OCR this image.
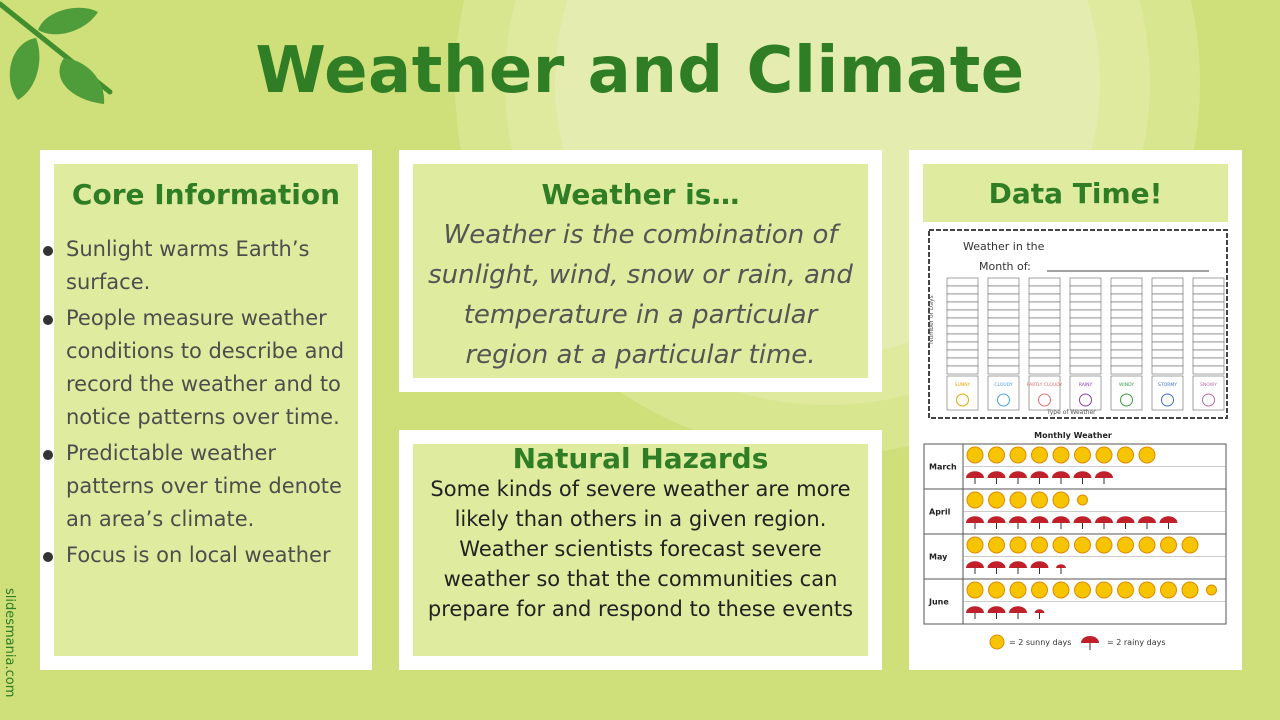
Weather and Climate
Core Information
Sunlight warms Earth’s surface.
People measure weather conditions to describe and record the weather and to notice patterns over time.
Predictable weather patterns over time denote an area’s climate.
Focus is on local weather
Weather is…
Weather is the combination of sunlight, wind, snow or rain, and temperature in a particular region at a particular time.
Natural Hazards
Some kinds of severe weather are more likely than others in a given region. Weather scientists forecast severe weather so that the communities can prepare for and respond to these events
Data Time!
Weather in the
Month of:
Number of Days
SUNNY	CLOUDY	PARTLY CLOUDY	RAINY	WINDY	STORMY	SNOWY
Type of Weather
Monthly Weather
March
April
May
June
= 2 sunny days	= 2 rainy days
slidesmania.com
